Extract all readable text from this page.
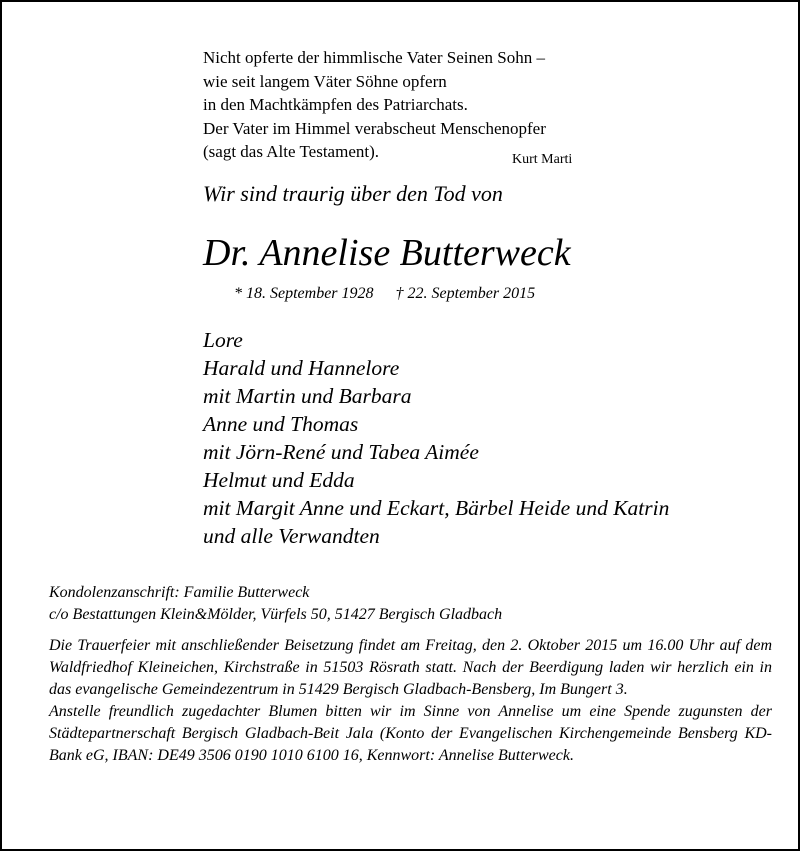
Nicht opferte der himmlische Vater Seinen Sohn –
wie seit langem Väter Söhne opfern
in den Machtkämpfen des Patriarchats.
Der Vater im Himmel verabscheut Menschenopfer
(sagt das Alte Testament).	Kurt Marti
Wir sind traurig über den Tod von
Dr. Annelise Butterweck
* 18. September 1928 † 22. September 2015
Lore
Harald und Hannelore
mit Martin und Barbara
Anne und Thomas
mit Jörn-René und Tabea Aimée
Helmut und Edda
mit Margit Anne und Eckart, Bärbel Heide und Katrin
und alle Verwandten
Kondolenzanschrift: Familie Butterweck
c/o Bestattungen Klein&Mölder, Vürfels 50, 51427 Bergisch Gladbach

Die Trauerfeier mit anschließender Beisetzung findet am Freitag, den 2. Oktober 2015 um 16.00 Uhr auf dem Waldfriedhof Kleineichen, Kirchstraße in 51503 Rösrath statt. Nach der Beerdigung laden wir herzlich ein in das evangelische Gemeindezentrum in 51429 Bergisch Gladbach-Bensberg, Im Bungert 3.

Anstelle freundlich zugedachter Blumen bitten wir im Sinne von Annelise um eine Spende zugunsten der Städtepartnerschaft Bergisch Gladbach-Beit Jala (Konto der Evangelischen Kirchengemeinde Bensberg KD-Bank eG, IBAN: DE49 3506 0190 1010 6100 16, Kennwort: Annelise Butterweck.
